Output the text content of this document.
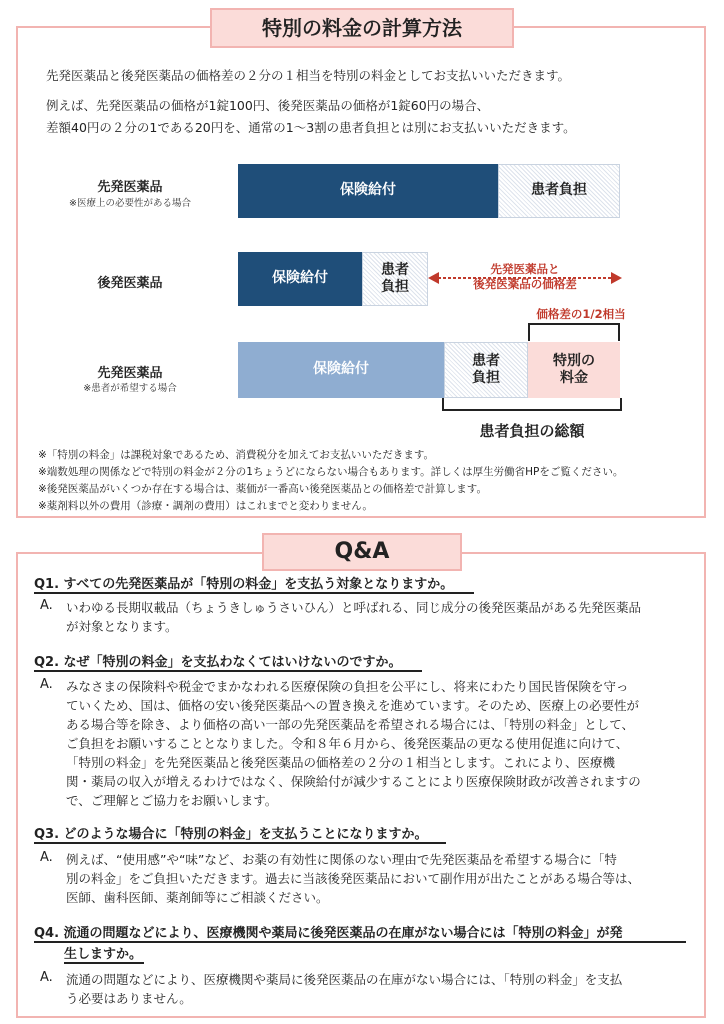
特別の料金の計算方法
先発医薬品と後発医薬品の価格差の２分の１相当を特別の料金としてお支払いいただきます。
例えば、先発医薬品の価格が1錠100円、後発医薬品の価格が1錠60円の場合、
差額40円の２分の1である20円を、通常の1～3割の患者負担とは別にお支払いいただきます。
先発医薬品
※医療上の必要性がある場合
保険給付	患者負担
後発医薬品	保険給付
患者
負担
先発医薬品と
後発医薬品の価格差
価格差の1/2相当
先発医薬品
※患者が希望する場合
保険給付
患者
負担
特別の
料金
患者負担の総額
※「特別の料金」は課税対象であるため、消費税分を加えてお支払いいただきます。
※端数処理の関係などで特別の料金が２分の1ちょうどにならない場合もあります。詳しくは厚生労働省HPをご覧ください。
※後発医薬品がいくつか存在する場合は、薬価が一番高い後発医薬品との価格差で計算します。
※薬剤料以外の費用（診療・調剤の費用）はこれまでと変わりません。
Q&A
Q1. すべての先発医薬品が「特別の料金」を支払う対象となりますか。
A. いわゆる長期収載品（ちょうきしゅうさいひん）と呼ばれる、同じ成分の後発医薬品がある先発医薬品
が対象となります。
Q2. なぜ「特別の料金」を支払わなくてはいけないのですか。
A. みなさまの保険料や税金でまかなわれる医療保険の負担を公平にし、将来にわたり国民皆保険を守っ
ていくため、国は、価格の安い後発医薬品への置き換えを進めています。そのため、医療上の必要性が
ある場合等を除き、より価格の高い一部の先発医薬品を希望される場合には、「特別の料金」として、
ご負担をお願いすることとなりました。令和８年６月から、後発医薬品の更なる使用促進に向けて、
「特別の料金」を先発医薬品と後発医薬品の価格差の２分の１相当とします。これにより、医療機
関・薬局の収入が増えるわけではなく、保険給付が減少することにより医療保険財政が改善されますの
で、ご理解とご協力をお願いします。
Q3. どのような場合に「特別の料金」を支払うことになりますか。
A. 例えば、“使用感”や“味”など、お薬の有効性に関係のない理由で先発医薬品を希望する場合に「特
別の料金」をご負担いただきます。過去に当該後発医薬品において副作用が出たことがある場合等は、
医師、歯科医師、薬剤師等にご相談ください。
Q4. 流通の問題などにより、医療機関や薬局に後発医薬品の在庫がない場合には「特別の料金」が発
生しますか。
A. 流通の問題などにより、医療機関や薬局に後発医薬品の在庫がない場合には、「特別の料金」を支払
う必要はありません。
